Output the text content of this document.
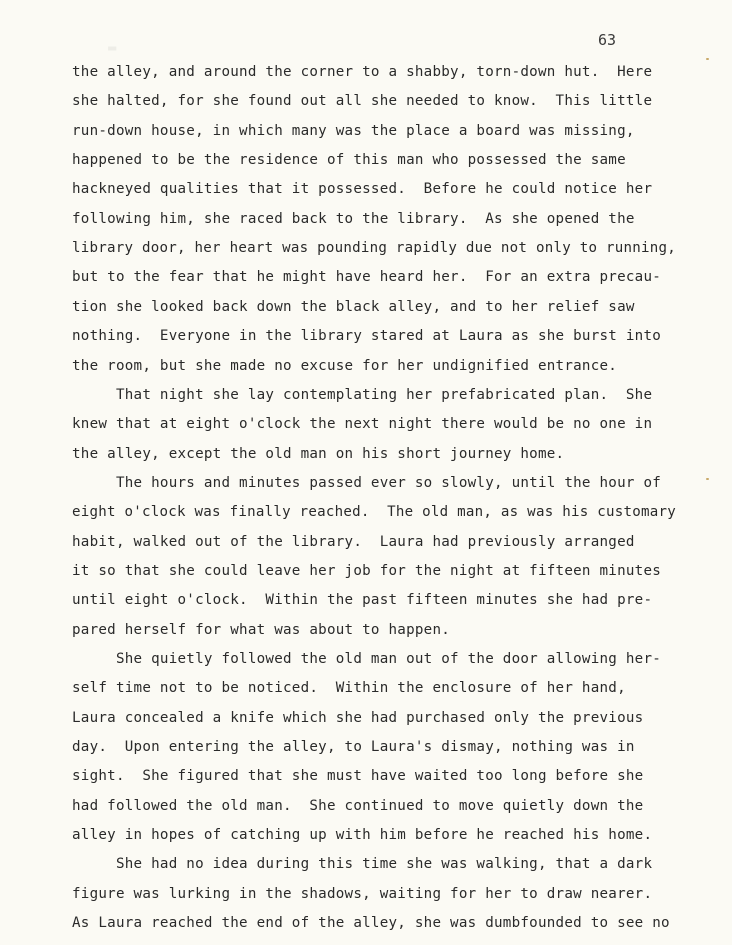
▬	63
the alley, and around the corner to a shabby, torn-down hut.  Here
she halted, for she found out all she needed to know.  This little
run-down house, in which many was the place a board was missing,
happened to be the residence of this man who possessed the same
hackneyed qualities that it possessed.  Before he could notice her
following him, she raced back to the library.  As she opened the
library door, her heart was pounding rapidly due not only to running,
but to the fear that he might have heard her.  For an extra precau-
tion she looked back down the black alley, and to her relief saw
nothing.  Everyone in the library stared at Laura as she burst into
the room, but she made no excuse for her undignified entrance.
That night she lay contemplating her prefabricated plan.  She
knew that at eight o'clock the next night there would be no one in
the alley, except the old man on his short journey home.
The hours and minutes passed ever so slowly, until the hour of
eight o'clock was finally reached.  The old man, as was his customary
habit, walked out of the library.  Laura had previously arranged
it so that she could leave her job for the night at fifteen minutes
until eight o'clock.  Within the past fifteen minutes she had pre-
pared herself for what was about to happen.
She quietly followed the old man out of the door allowing her-
self time not to be noticed.  Within the enclosure of her hand,
Laura concealed a knife which she had purchased only the previous
day.  Upon entering the alley, to Laura's dismay, nothing was in
sight.  She figured that she must have waited too long before she
had followed the old man.  She continued to move quietly down the
alley in hopes of catching up with him before he reached his home.
She had no idea during this time she was walking, that a dark
figure was lurking in the shadows, waiting for her to draw nearer.
As Laura reached the end of the alley, she was dumbfounded to see no
